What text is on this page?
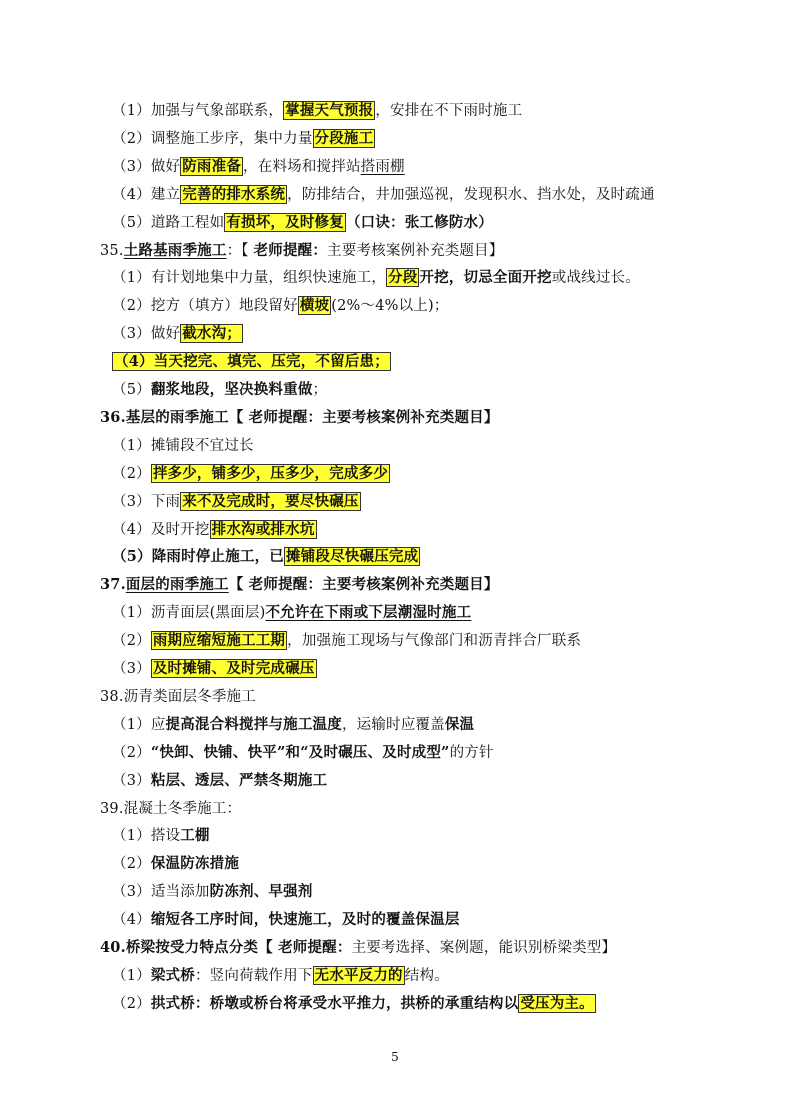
（1）加强与气象部联系， 掌握天气预报 ，安排在不下雨时施工
（2）调整施工步序，集中力量 分段施工
（3）做好 防雨准备 ，在料场和搅拌站搭雨棚
（4）建立 完善的排水系统 ，防排结合，井加强巡视，发现积水、挡水处，及时疏通
（5）道路工程如 有损坏，及时修复 （口诀：张工修防水）
35.土路基雨季施工：【 老师提醒：主要考核案例补充类题目】
（1）有计划地集中力量，组织快速施工， 分段 开挖，切忌全面开挖或战线过长。
（2）挖方（填方）地段留好 横坡 (2%～4%以上)；
（3）做好 截水沟；
（4）当天挖完、填完、压完，不留后患；
（5）翻浆地段，坚决换料重做；
36.基层的雨季施工【 老师提醒：主要考核案例补充类题目】
（1）摊铺段不宜过长
（2） 拌多少，铺多少，压多少，完成多少
（3）下雨 来不及完成时，要尽快碾压
（4）及时开挖 排水沟或排水坑
（5）降雨时停止施工，已 摊铺段尽快碾压完成
37.面层的雨季施工【 老师提醒：主要考核案例补充类题目】
（1）沥青面层(黑面层)不允许在下雨或下层潮湿时施工
（2） 雨期应缩短施工工期 ，加强施工现场与气像部门和沥青拌合厂联系
（3） 及时摊铺、及时完成碾压
38.沥青类面层冬季施工
（1）应提高混合料搅拌与施工温度，运输时应覆盖保温
（2）“快卸、快铺、快平”和“及时碾压、及时成型”的方针
（3）粘层、透层、严禁冬期施工
39.混凝土冬季施工：
（1）搭设工棚
（2）保温防冻措施
（3）适当添加防冻剂、早强剂
（4）缩短各工序时间，快速施工，及时的覆盖保温层
40.桥梁按受力特点分类【 老师提醒：主要考选择、案例题，能识别桥梁类型】
（1）梁式桥：竖向荷载作用下 无水平反力的 结构。
（2）拱式桥：桥墩或桥台将承受水平推力，拱桥的承重结构以 受压为主。
5
